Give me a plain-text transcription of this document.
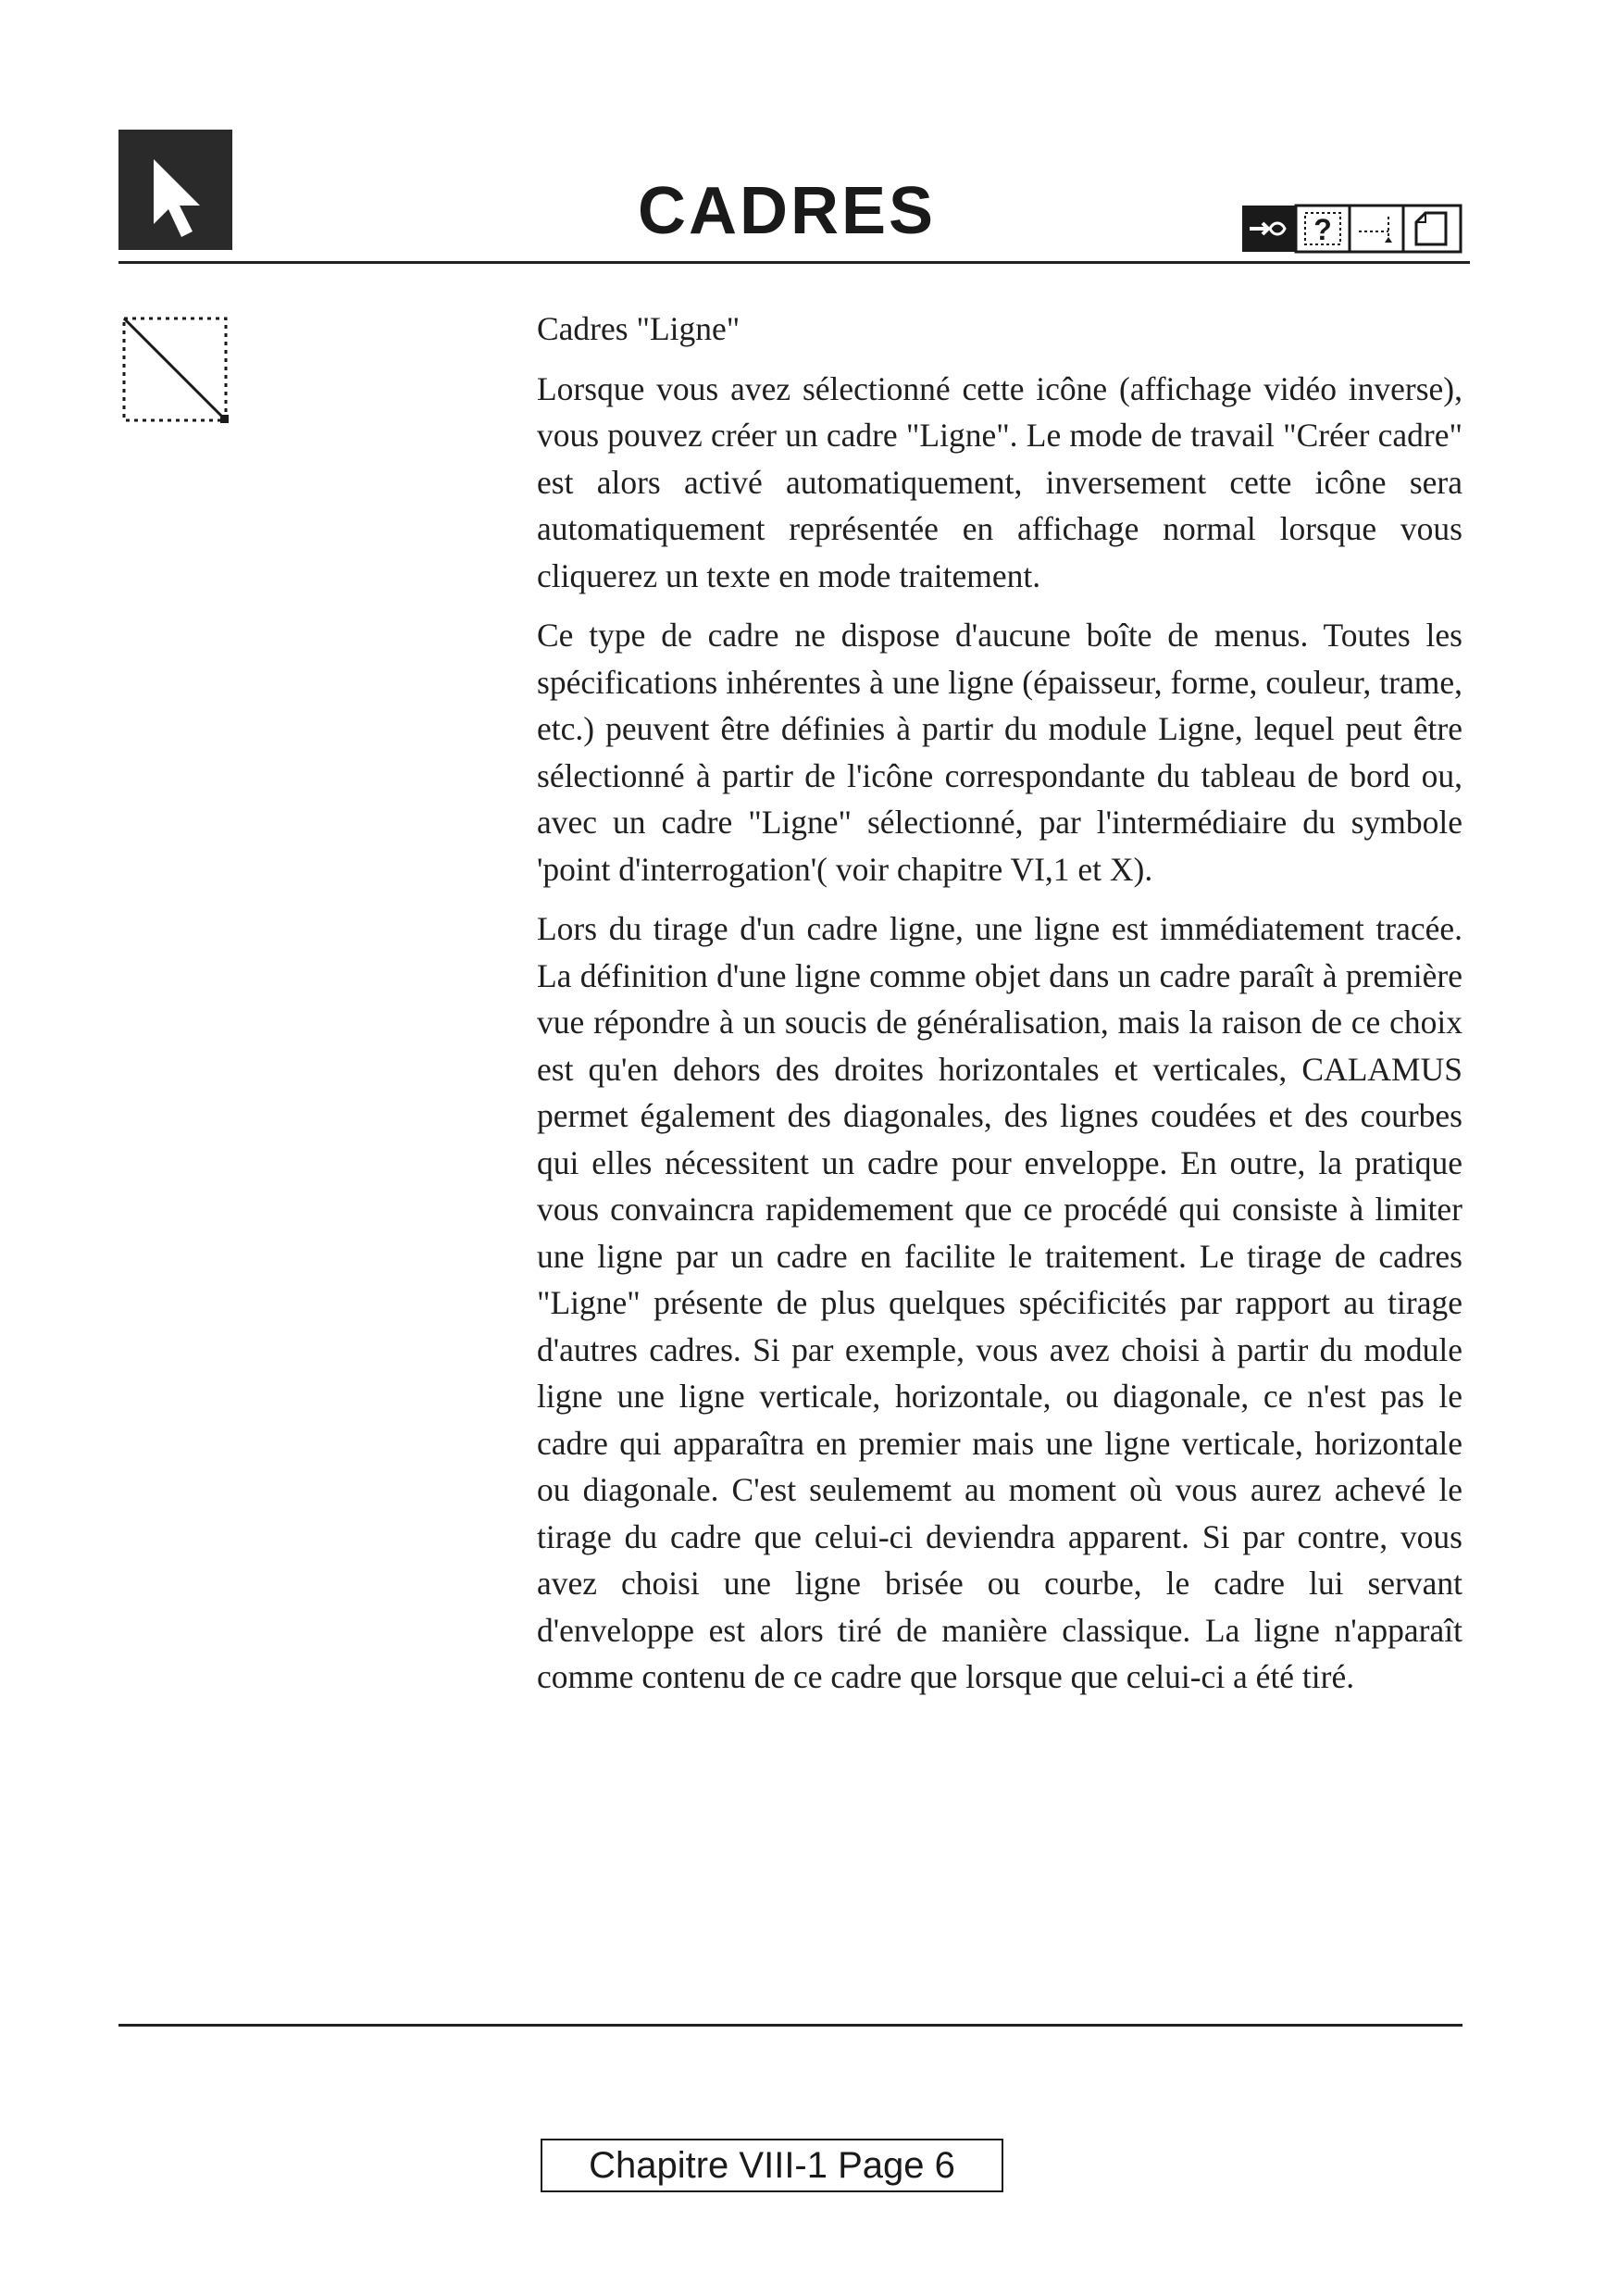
CADRES	?

Cadres "Ligne"

Lorsque vous avez sélectionné cette icône (affichage vidéo inverse), vous pouvez créer un cadre "Ligne". Le mode de travail "Créer cadre" est alors activé automatiquement, inversement cette icône sera automatiquement représentée en affichage normal lorsque vous cliquerez un texte en mode traitement.

Ce type de cadre ne dispose d'aucune boîte de menus. Toutes les spécifications inhérentes à une ligne (épaisseur, forme, couleur, trame, etc.) peuvent être définies à partir du module Ligne, lequel peut être sélectionné à partir de l'icône correspondante du tableau de bord ou, avec un cadre "Ligne" sélectionné, par l'intermédiaire du symbole 'point d'interrogation'( voir chapitre VI,1 et X).

Lors du tirage d'un cadre ligne, une ligne est immédiatement tracée. La définition d'une ligne comme objet dans un cadre paraît à première vue répondre à un soucis de généralisation, mais la raison de ce choix est qu'en dehors des droites horizontales et verticales, CALAMUS permet également des diagonales, des lignes coudées et des courbes qui elles nécessitent un cadre pour enveloppe. En outre, la pratique vous convaincra rapidemement que ce procédé qui consiste à limiter une ligne par un cadre en facilite le traitement. Le tirage de cadres "Ligne" présente de plus quelques spécificités par rapport au tirage d'autres cadres. Si par exemple, vous avez choisi à partir du module ligne une ligne verticale, horizontale, ou diagonale, ce n'est pas le cadre qui apparaîtra en premier mais une ligne verticale, horizontale ou diagonale. C'est seulememt au moment où vous aurez achevé le tirage du cadre que celui-ci deviendra apparent. Si par contre, vous avez choisi une ligne brisée ou courbe, le cadre lui servant d'enveloppe est alors tiré de manière classique. La ligne n'apparaît comme contenu de ce cadre que lorsque que celui-ci a été tiré.

Chapitre VIII-1 Page 6
